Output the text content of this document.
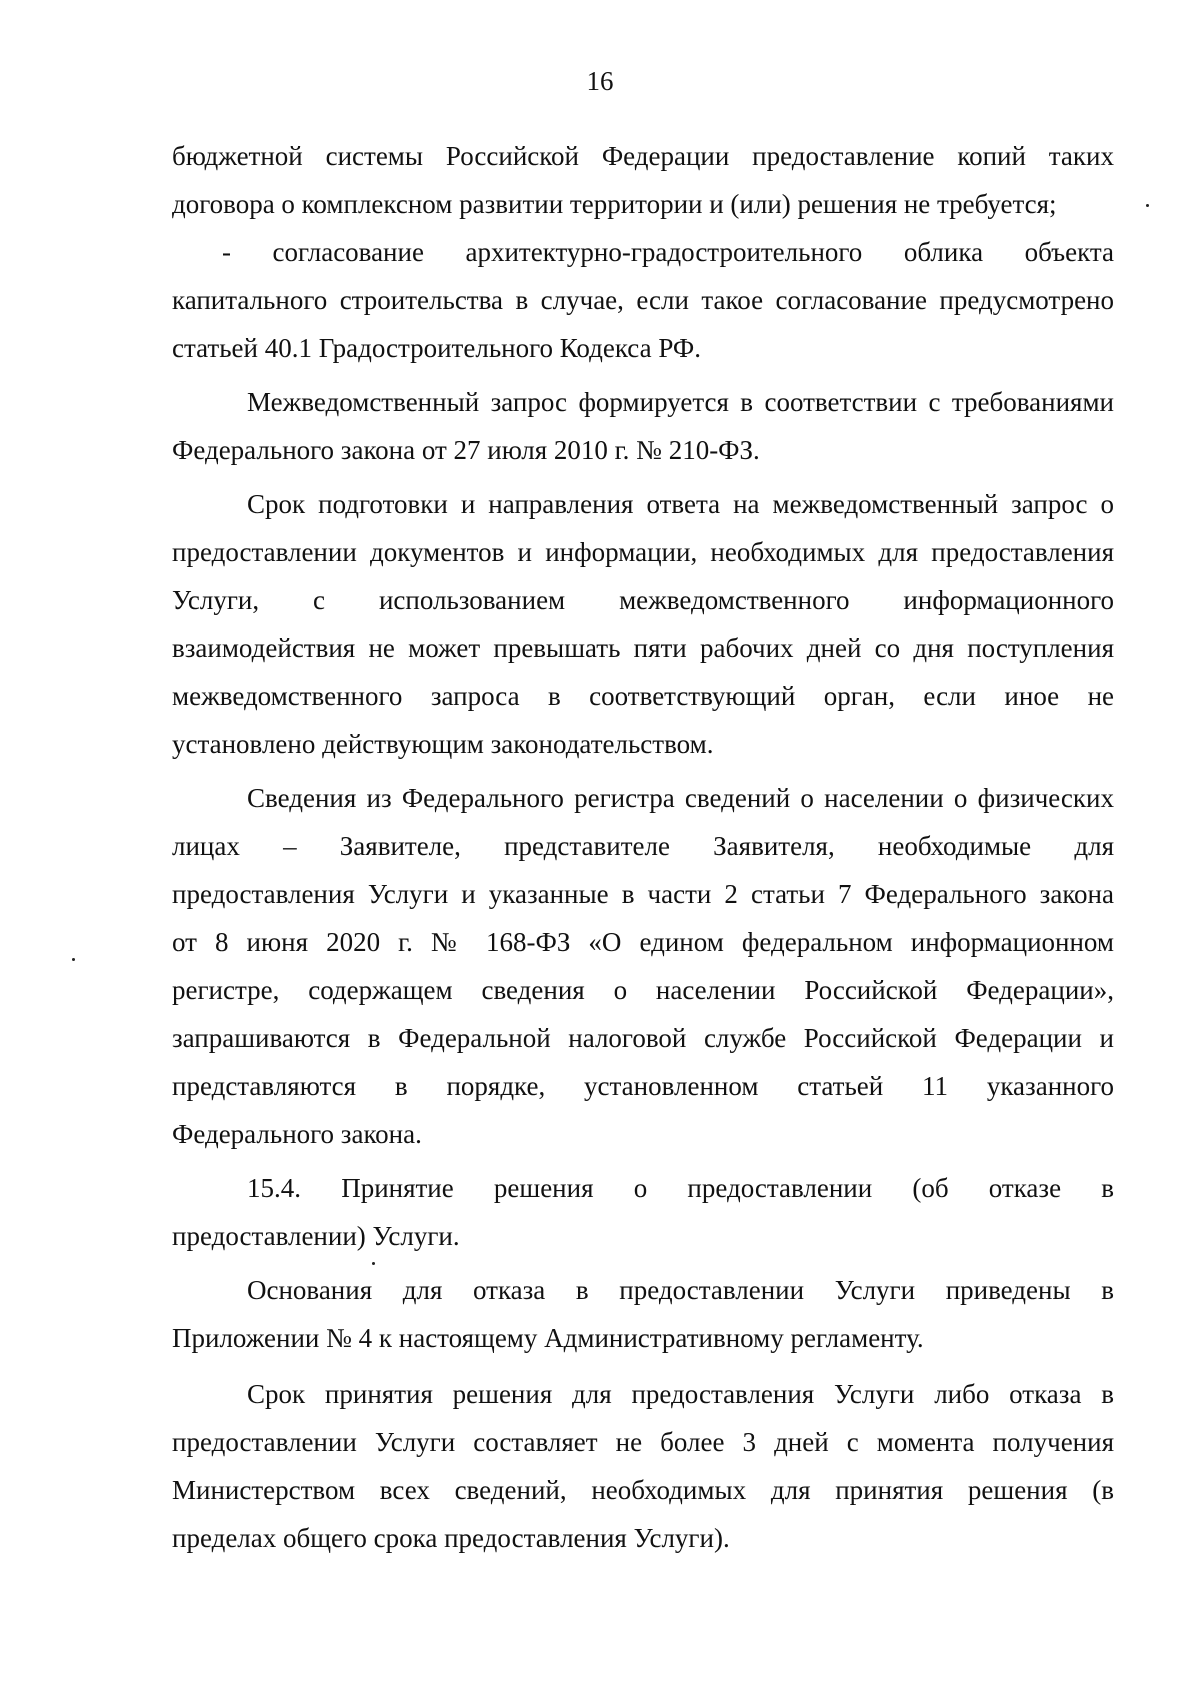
16
бюджетной системы Российской Федерации предоставление копий таких
договора о комплексном развитии территории и (или) решения не требуется;
- согласование архитектурно-градостроительного облика объекта
капитального строительства в случае, если такое согласование предусмотрено
статьей 40.1 Градостроительного Кодекса РФ.
Межведомственный запрос формируется в соответствии с требованиями
Федерального закона от 27 июля 2010 г. № 210-ФЗ.
Срок подготовки и направления ответа на межведомственный запрос о
предоставлении документов и информации, необходимых для предоставления
Услуги, с использованием межведомственного информационного
взаимодействия не может превышать пяти рабочих дней со дня поступления
межведомственного запроса в соответствующий орган, если иное не
установлено действующим законодательством.
Сведения из Федерального регистра сведений о населении о физических
лицах – Заявителе, представителе Заявителя, необходимые для
предоставления Услуги и указанные в части 2 статьи 7 Федерального закона
от 8 июня 2020 г. № 168-ФЗ «О едином федеральном информационном
регистре, содержащем сведения о населении Российской Федерации»,
запрашиваются в Федеральной налоговой службе Российской Федерации и
представляются в порядке, установленном статьей 11 указанного
Федерального закона.
15.4. Принятие решения о предоставлении (об отказе в
предоставлении) Услуги.
Основания для отказа в предоставлении Услуги приведены в
Приложении № 4 к настоящему Административному регламенту.
Срок принятия решения для предоставления Услуги либо отказа в
предоставлении Услуги составляет не более 3 дней с момента получения
Министерством всех сведений, необходимых для принятия решения (в
пределах общего срока предоставления Услуги).
